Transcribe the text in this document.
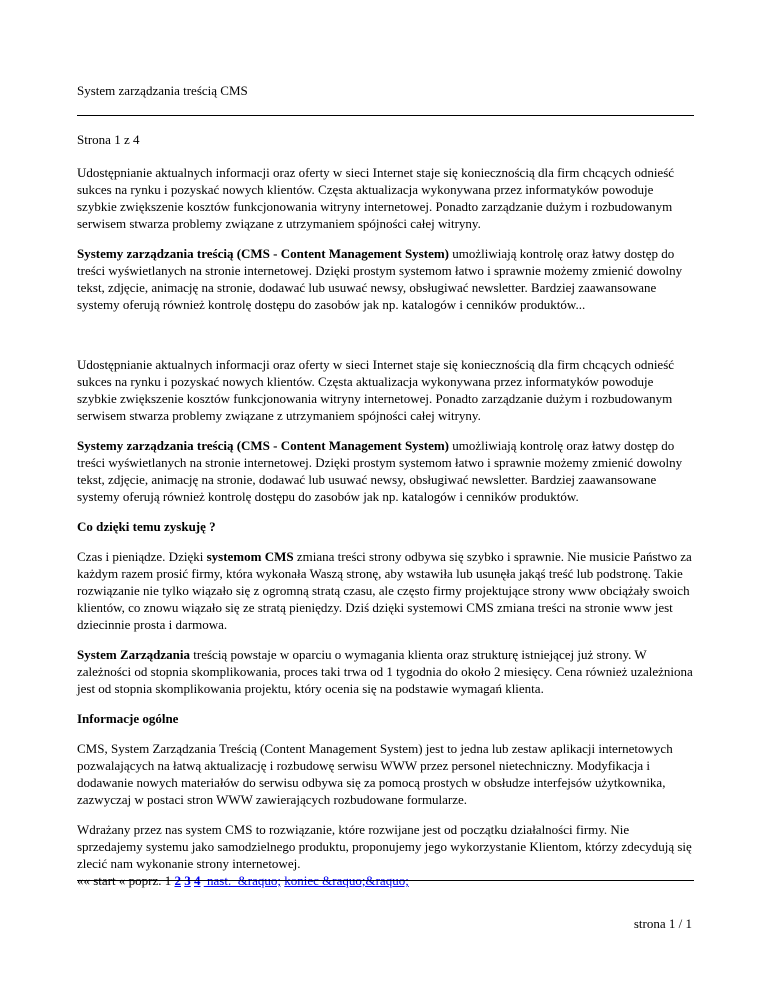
System zarządzania treścią CMS
Strona 1 z 4

Udostępnianie aktualnych informacji oraz oferty w sieci Internet staje się koniecznością dla firm chcących odnieść sukces na rynku i pozyskać nowych klientów. Częsta aktualizacja wykonywana przez informatyków powoduje szybkie zwiększenie kosztów funkcjonowania witryny internetowej. Ponadto zarządzanie dużym i rozbudowanym serwisem stwarza problemy związane z utrzymaniem spójności całej witryny.

Systemy zarządzania treścią (CMS - Content Management System) umożliwiają kontrolę oraz łatwy dostęp do treści wyświetlanych na stronie internetowej. Dzięki prostym systemom łatwo i sprawnie możemy zmienić dowolny tekst, zdjęcie, animację na stronie, dodawać lub usuwać newsy, obsługiwać newsletter. Bardziej zaawansowane systemy oferują również kontrolę dostępu do zasobów jak np. katalogów i cenników produktów...

Udostępnianie aktualnych informacji oraz oferty w sieci Internet staje się koniecznością dla firm chcących odnieść sukces na rynku i pozyskać nowych klientów. Częsta aktualizacja wykonywana przez informatyków powoduje szybkie zwiększenie kosztów funkcjonowania witryny internetowej. Ponadto zarządzanie dużym i rozbudowanym serwisem stwarza problemy związane z utrzymaniem spójności całej witryny.

Systemy zarządzania treścią (CMS - Content Management System) umożliwiają kontrolę oraz łatwy dostęp do treści wyświetlanych na stronie internetowej. Dzięki prostym systemom łatwo i sprawnie możemy zmienić dowolny tekst, zdjęcie, animację na stronie, dodawać lub usuwać newsy, obsługiwać newsletter. Bardziej zaawansowane systemy oferują również kontrolę dostępu do zasobów jak np. katalogów i cenników produktów.

Co dzięki temu zyskuję ?

Czas i pieniądze. Dzięki systemom CMS zmiana treści strony odbywa się szybko i sprawnie. Nie musicie Państwo za każdym razem prosić firmy, która wykonała Waszą stronę, aby wstawiła lub usunęła jakąś treść lub podstronę. Takie rozwiązanie nie tylko wiązało się z ogromną stratą czasu, ale często firmy projektujące strony www obciążały swoich klientów, co znowu wiązało się ze stratą pieniędzy. Dziś dzięki systemowi CMS zmiana treści na stronie www jest dziecinnie prosta i darmowa.

System Zarządzania treścią powstaje w oparciu o wymagania klienta oraz strukturę istniejącej już strony. W zależności od stopnia skomplikowania, proces taki trwa od 1 tygodnia do około 2 miesięcy. Cena również uzależniona jest od stopnia skomplikowania projektu, który ocenia się na podstawie wymagań klienta.

Informacje ogólne

CMS, System Zarządzania Treścią (Content Management System) jest to jedna lub zestaw aplikacji internetowych pozwalających na łatwą aktualizację i rozbudowę serwisu WWW przez personel nietechniczny. Modyfikacja i dodawanie nowych materiałów do serwisu odbywa się za pomocą prostych w obsłudze interfejsów użytkownika, zazwyczaj w postaci stron WWW zawierających rozbudowane formularze.

Wdrażany przez nas system CMS to rozwiązanie, które rozwijane jest od początku działalności firmy. Nie sprzedajemy systemu jako samodzielnego produktu, proponujemy jego wykorzystanie Klientom, którzy zdecydują się zlecić nam wykonanie strony internetowej.

«« start « poprz. 1 2 3 4  nast.  &raquo; koniec &raquo;&raquo;
strona 1 / 1
